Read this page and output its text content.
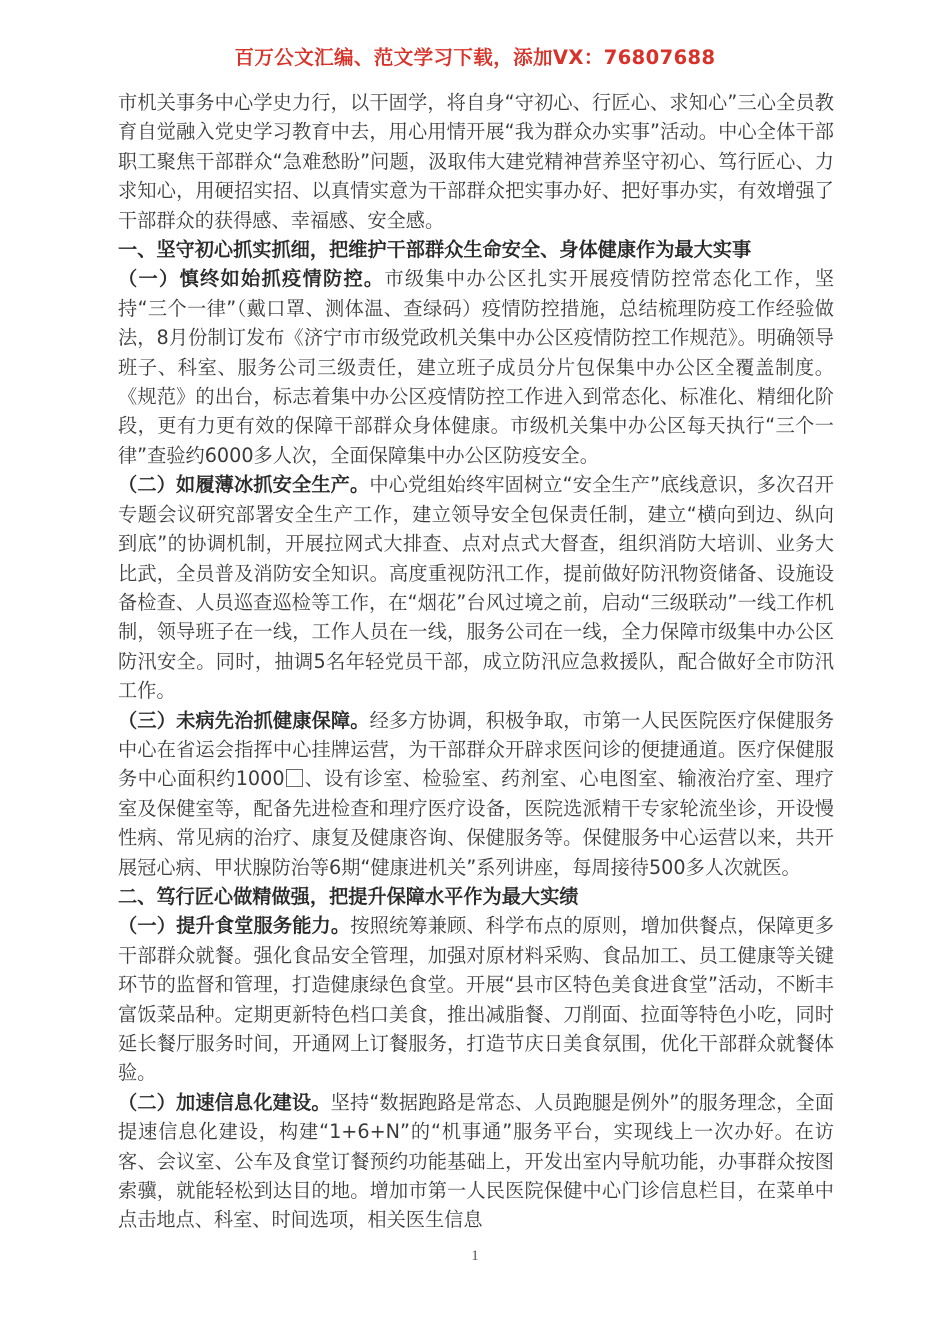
百万公文汇编、范文学习下载，添加VX：76807688

市机关事务中心学史力行，以干固学，将自身“守初心、行匠心、求知心”三心全员教育自觉融入党史学习教育中去，用心用情开展“我为群众办实事”活动。中心全体干部职工聚焦干部群众“急难愁盼”问题，汲取伟大建党精神营养坚守初心、笃行匠心、力求知心，用硬招实招、以真情实意为干部群众把实事办好、把好事办实，有效增强了干部群众的获得感、幸福感、安全感。

一、坚守初心抓实抓细，把维护干部群众生命安全、身体健康作为最大实事

（一）慎终如始抓疫情防控。市级集中办公区扎实开展疫情防控常态化工作，坚持“三个一律”（戴口罩、测体温、查绿码）疫情防控措施，总结梳理防疫工作经验做法，8月份制订发布《济宁市市级党政机关集中办公区疫情防控工作规范》。明确领导班子、科室、服务公司三级责任，建立班子成员分片包保集中办公区全覆盖制度。《规范》的出台，标志着集中办公区疫情防控工作进入到常态化、标准化、精细化阶段，更有力更有效的保障干部群众身体健康。市级机关集中办公区每天执行“三个一律”查验约6000多人次，全面保障集中办公区防疫安全。

（二）如履薄冰抓安全生产。中心党组始终牢固树立“安全生产”底线意识，多次召开专题会议研究部署安全生产工作，建立领导安全包保责任制，建立“横向到边、纵向到底”的协调机制，开展拉网式大排查、点对点式大督查，组织消防大培训、业务大比武，全员普及消防安全知识。高度重视防汛工作，提前做好防汛物资储备、设施设备检查、人员巡查巡检等工作，在“烟花”台风过境之前，启动“三级联动”一线工作机制，领导班子在一线，工作人员在一线，服务公司在一线，全力保障市级集中办公区防汛安全。同时，抽调5名年轻党员干部，成立防汛应急救援队，配合做好全市防汛工作。

（三）未病先治抓健康保障。经多方协调，积极争取，市第一人民医院医疗保健服务中心在省运会指挥中心挂牌运营，为干部群众开辟求医问诊的便捷通道。医疗保健服务中心面积约1000 、设有诊室、检验室、药剂室、心电图室、输液治疗室、理疗室及保健室等，配备先进检查和理疗医疗设备，医院选派精干专家轮流坐诊，开设慢性病、常见病的治疗、康复及健康咨询、保健服务等。保健服务中心运营以来，共开展冠心病、甲状腺防治等6期“健康进机关”系列讲座，每周接待500多人次就医。

二、笃行匠心做精做强，把提升保障水平作为最大实绩

（一）提升食堂服务能力。按照统筹兼顾、科学布点的原则，增加供餐点，保障更多干部群众就餐。强化食品安全管理，加强对原材料采购、食品加工、员工健康等关键环节的监督和管理，打造健康绿色食堂。开展“县市区特色美食进食堂”活动，不断丰富饭菜品种。定期更新特色档口美食，推出减脂餐、刀削面、拉面等特色小吃，同时延长餐厅服务时间，开通网上订餐服务，打造节庆日美食氛围，优化干部群众就餐体验。

（二）加速信息化建设。坚持“数据跑路是常态、人员跑腿是例外”的服务理念，全面提速信息化建设，构建“1+6+N”的“机事通”服务平台，实现线上一次办好。在访客、会议室、公车及食堂订餐预约功能基础上，开发出室内导航功能，办事群众按图索骥，就能轻松到达目的地。增加市第一人民医院保健中心门诊信息栏目，在菜单中点击地点、科室、时间选项，相关医生信息

1
